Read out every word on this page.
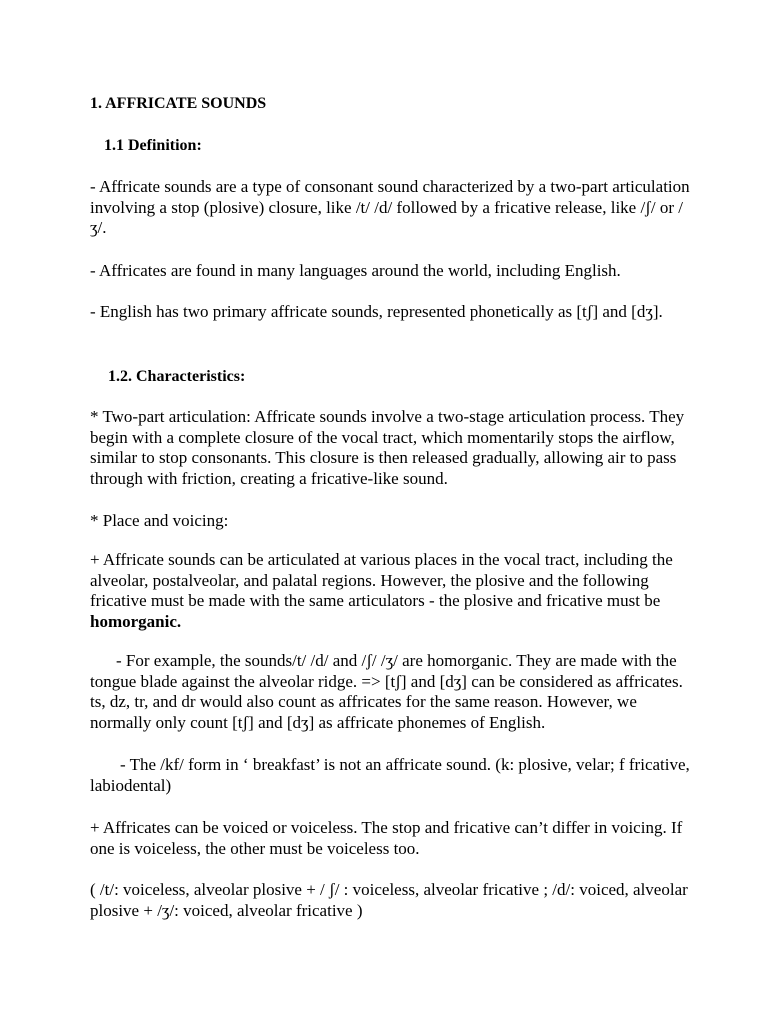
1. AFFRICATE SOUNDS

1.1 Definition:

- Affricate sounds are a type of consonant sound characterized by a two-part articulation involving a stop (plosive) closure, like /t/ /d/ followed by a fricative release, like /ʃ/ or /ʒ/.

- Affricates are found in many languages around the world, including English.

- English has two primary affricate sounds, represented phonetically as [tʃ] and [dʒ].

1.2. Characteristics:

* Two-part articulation: Affricate sounds involve a two-stage articulation process. They begin with a complete closure of the vocal tract, which momentarily stops the airflow, similar to stop consonants. This closure is then released gradually, allowing air to pass through with friction, creating a fricative-like sound.

* Place and voicing:

+ Affricate sounds can be articulated at various places in the vocal tract, including the alveolar, postalveolar, and palatal regions. However, the plosive and the following fricative must be made with the same articulators - the plosive and fricative must be homorganic.

- For example, the sounds/t/ /d/ and /ʃ/ /ʒ/ are homorganic. They are made with the tongue blade against the alveolar ridge. => [tʃ] and [dʒ] can be considered as affricates. ts, dz, tr, and dr would also count as affricates for the same reason. However, we normally only count [tʃ] and [dʒ] as affricate phonemes of English.

- The /kf/ form in ‘ breakfast’ is not an affricate sound. (k: plosive, velar; f fricative, labiodental)

+ Affricates can be voiced or voiceless. The stop and fricative can’t differ in voicing. If one is voiceless, the other must be voiceless too.

( /t/: voiceless, alveolar plosive + / ʃ/ : voiceless, alveolar fricative ; /d/: voiced, alveolar plosive + /ʒ/: voiced, alveolar fricative )
